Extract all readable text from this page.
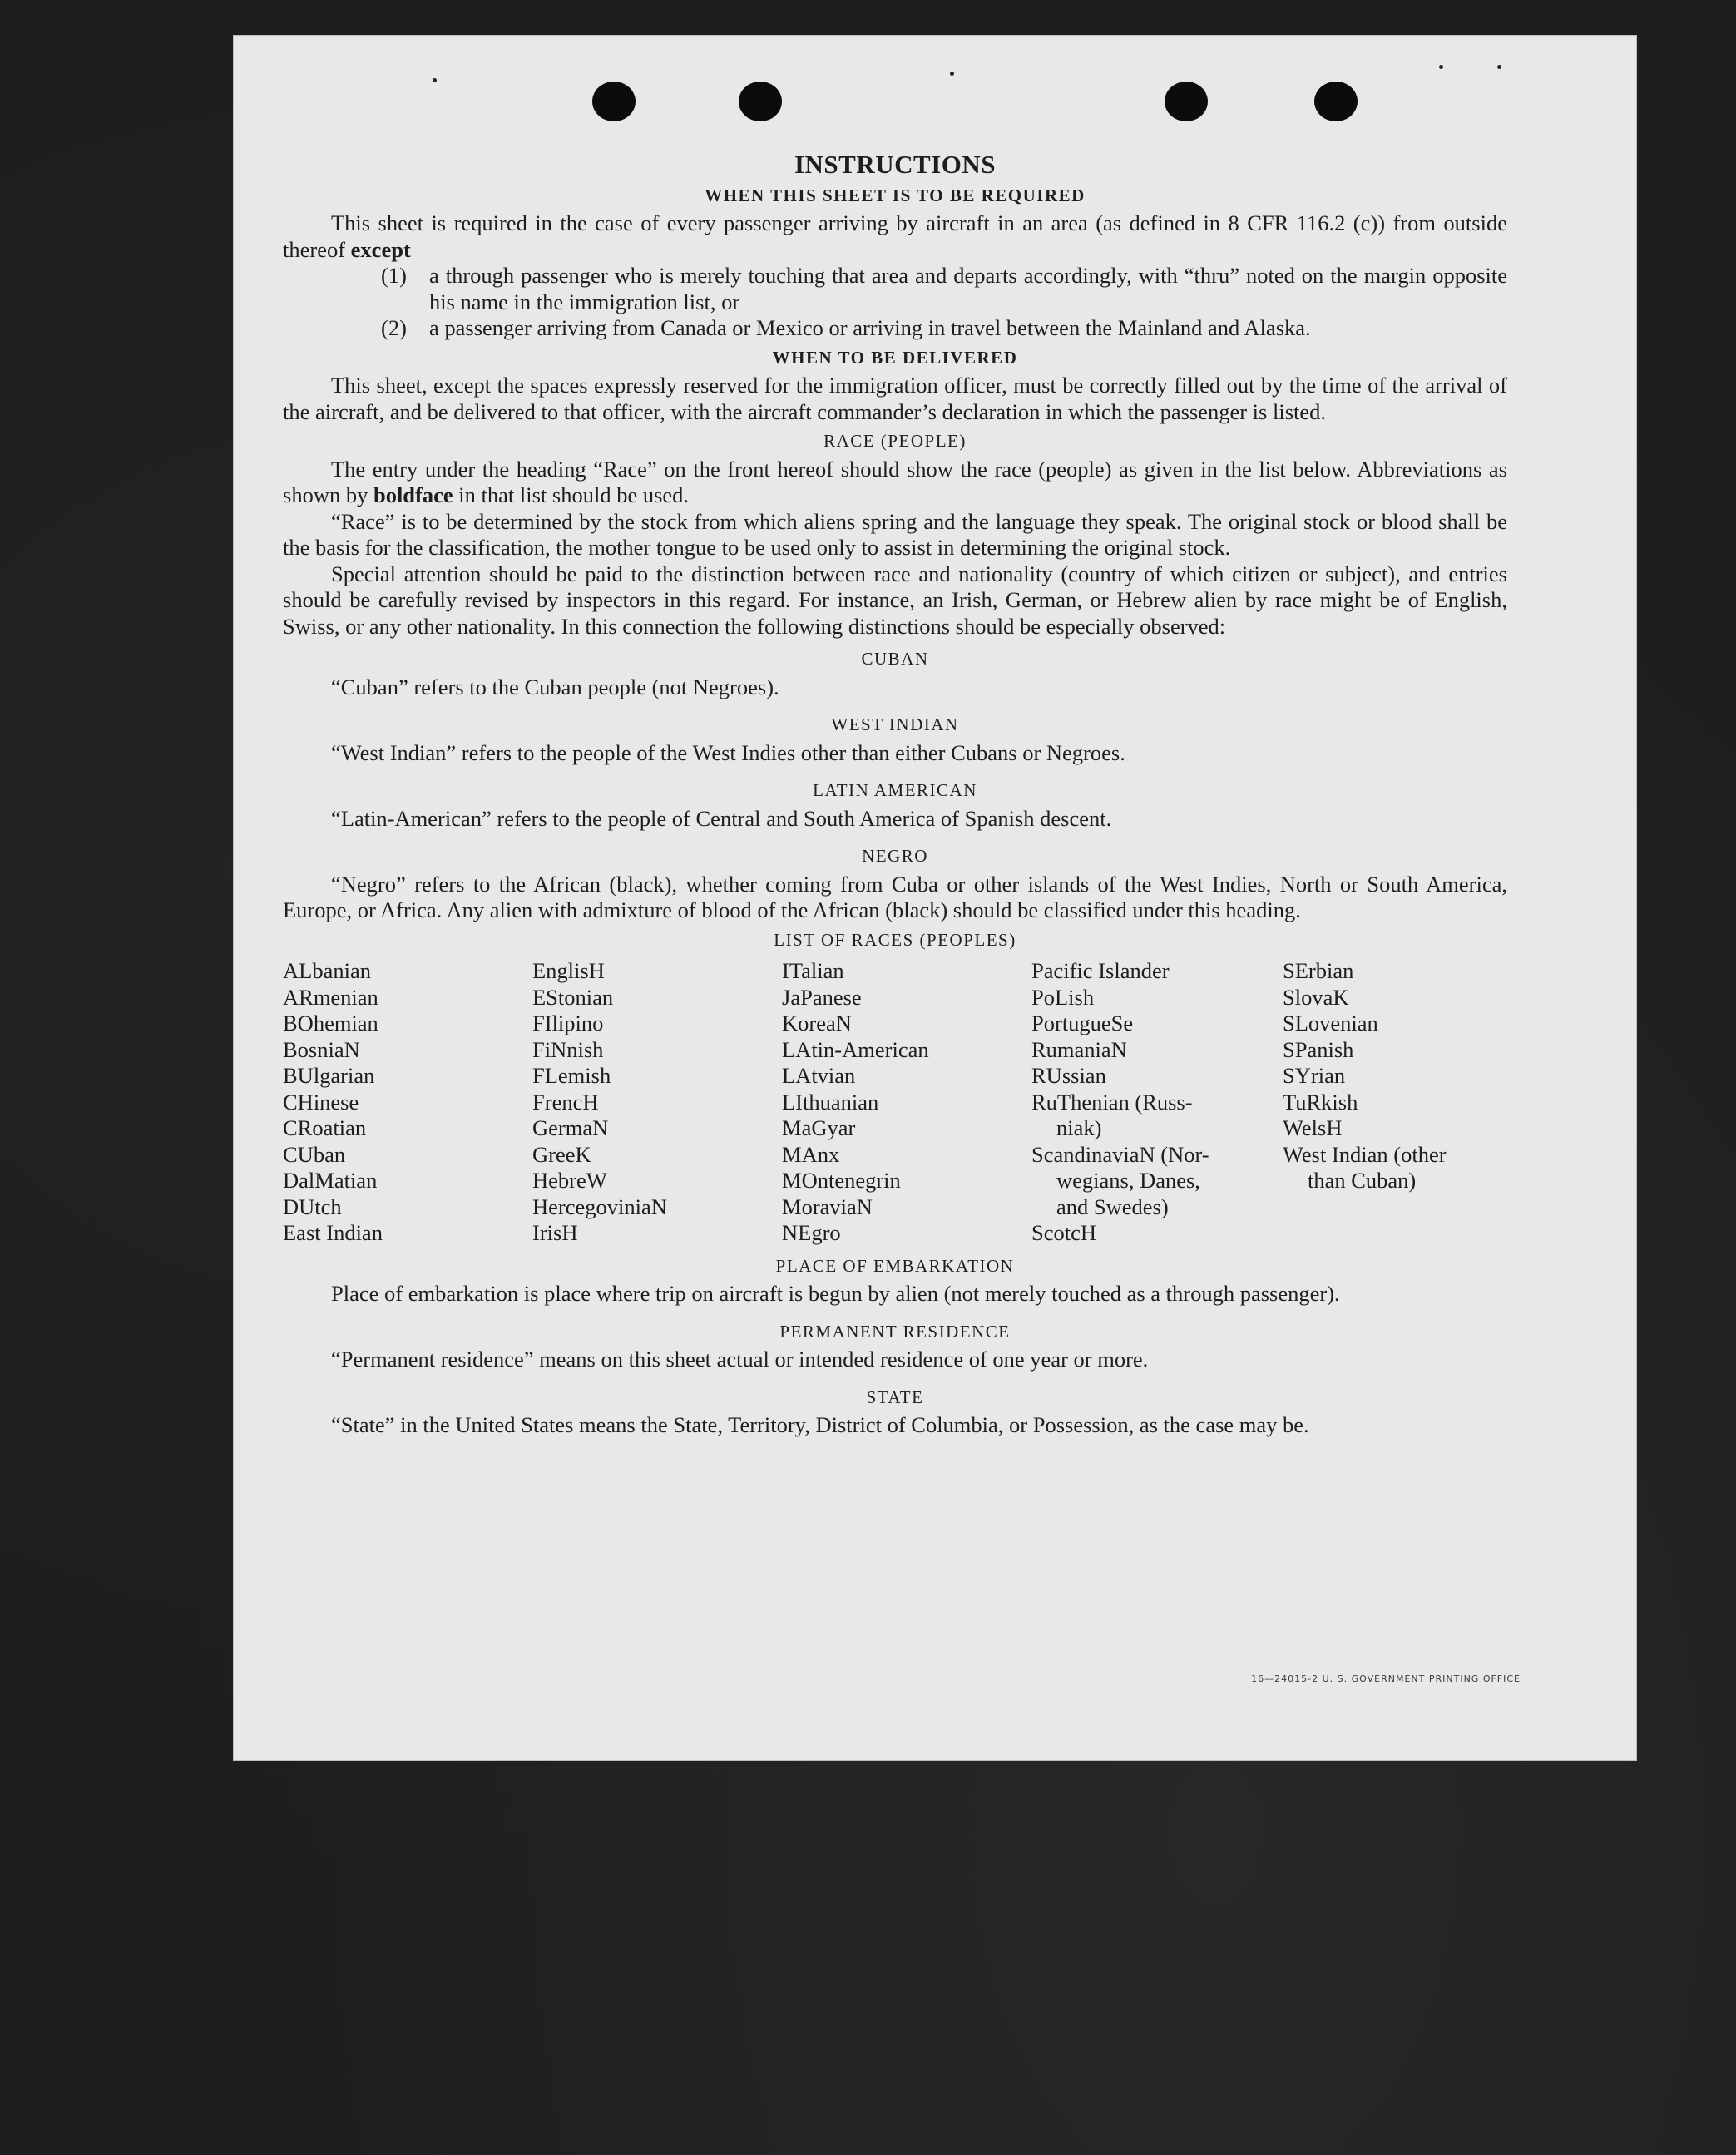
INSTRUCTIONS
WHEN THIS SHEET IS TO BE REQUIRED

This sheet is required in the case of every passenger arriving by aircraft in an area (as defined in 8 CFR 116.2 (c)) from outside thereof except

(1)	a through passenger who is merely touching that area and departs accordingly, with “thru” noted on the margin opposite his name in the immigration list, or
(2)	a passenger arriving from Canada or Mexico or arriving in travel between the Mainland and Alaska.
WHEN TO BE DELIVERED

This sheet, except the spaces expressly reserved for the immigration officer, must be correctly filled out by the time of the arrival of the aircraft, and be delivered to that officer, with the aircraft commander’s declaration in which the passenger is listed.

RACE (PEOPLE)

The entry under the heading “Race” on the front hereof should show the race (people) as given in the list below. Abbreviations as shown by boldface in that list should be used.

“Race” is to be determined by the stock from which aliens spring and the language they speak. The original stock or blood shall be the basis for the classification, the mother tongue to be used only to assist in determining the original stock.

Special attention should be paid to the distinction between race and nationality (country of which citizen or subject), and entries should be carefully revised by inspectors in this regard. For instance, an Irish, German, or Hebrew alien by race might be of English, Swiss, or any other nationality. In this connection the following distinctions should be especially observed:

CUBAN

“Cuban” refers to the Cuban people (not Negroes).

WEST INDIAN

“West Indian” refers to the people of the West Indies other than either Cubans or Negroes.

LATIN AMERICAN

“Latin-American” refers to the people of Central and South America of Spanish descent.

NEGRO

“Negro” refers to the African (black), whether coming from Cuba or other islands of the West Indies, North or South America, Europe, or Africa. Any alien with admixture of blood of the African (black) should be classified under this heading.

LIST OF RACES (PEOPLES)
ALbanian
ARmenian
BOhemian
BosniaN
BUlgarian
CHinese
CRoatian
CUban
DalMatian
DUtch
East Indian
EnglisH
EStonian
FIlipino
FiNnish
FLemish
FrencH
GermaN
GreeK
HebreW
HercegoviniaN
IrisH
ITalian
JaPanese
KoreaN
LAtin-American
LAtvian
LIthuanian
MaGyar
MAnx
MOntenegrin
MoraviaN
NEgro
Pacific Islander
PoLish
PortugueSe
RumaniaN
RUssian
RuThenian (Russ-
niak)
ScandinaviaN (Nor-
wegians, Danes,
and Swedes)
ScotcH
SErbian
SlovaK
SLovenian
SPanish
SYrian
TuRkish
WelsH
West Indian (other
than Cuban)
PLACE OF EMBARKATION

Place of embarkation is place where trip on aircraft is begun by alien (not merely touched as a through passenger).

PERMANENT RESIDENCE

“Permanent residence” means on this sheet actual or intended residence of one year or more.

STATE

“State” in the United States means the State, Territory, District of Columbia, or Possession, as the case may be.

16—24015-2 U. S. GOVERNMENT PRINTING OFFICE
